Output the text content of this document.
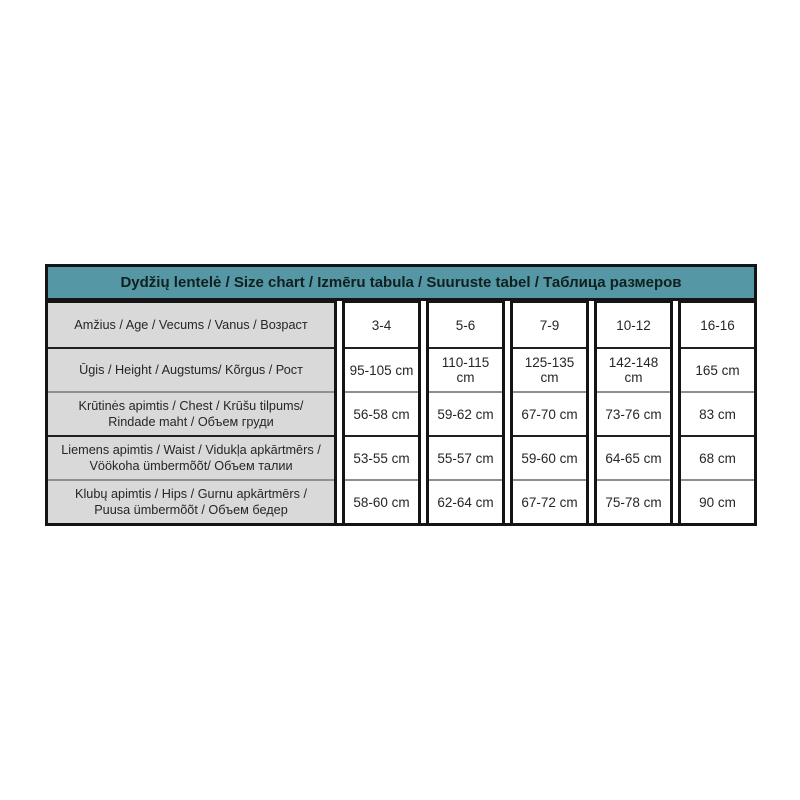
Dydžių lentelė / Size chart / Izmēru tabula / Suuruste tabel / Таблица размеров
Amžius / Age / Vecums / Vanus / Возраст
Ūgis / Height / Augstums/ Kõrgus / Рост
Krūtinės apimtis / Chest / Krūšu tilpums/ Rindade maht / Объем груди
Liemens apimtis / Waist / Vidukļa apkārtmērs / Vöökoha ümbermõõt/ Объем талии
Klubų apimtis / Hips / Gurnu apkārtmērs / Puusa ümbermõõt / Объем бедер
3-4
95-105 cm
56-58 cm
53-55 cm
58-60 cm
5-6
110-115 cm
59-62 cm
55-57 cm
62-64 cm
7-9
125-135 cm
67-70 cm
59-60 cm
67-72 cm
10-12
142-148 cm
73-76 cm
64-65 cm
75-78 cm
16-16
165 cm
83 cm
68 cm
90 cm
